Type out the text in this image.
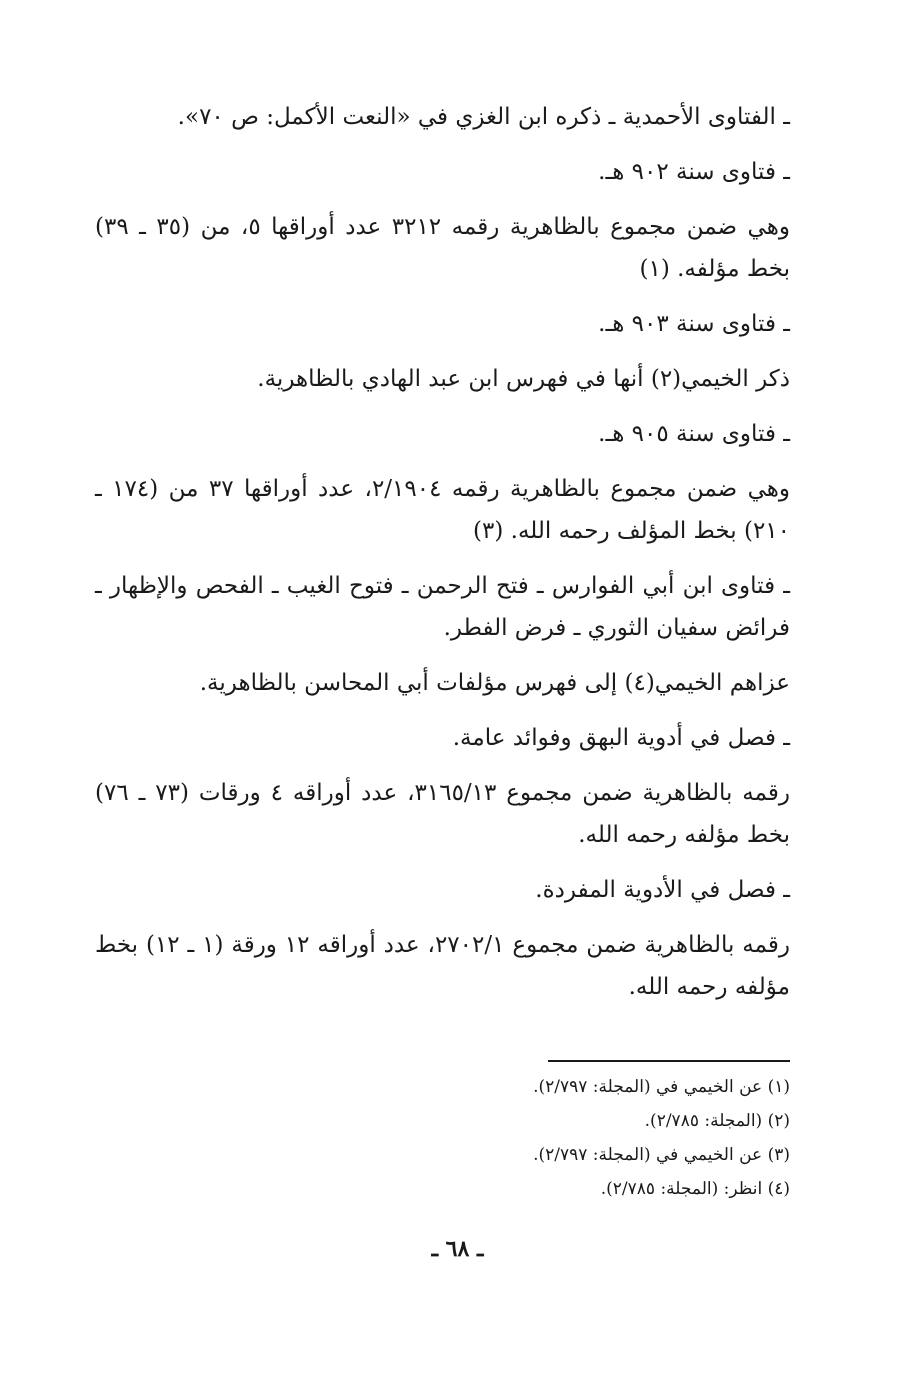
ـ الفتاوى الأحمدية ـ ذكره ابن الغزي في «النعت الأكمل: ص ٧٠».

ـ فتاوى سنة ٩٠٢ هـ.

وهي ضمن مجموع بالظاهرية رقمه ٣٢١٢ عدد أوراقها ٥، من (٣٥ ـ ٣٩) بخط مؤلفه. (١)

ـ فتاوى سنة ٩٠٣ هـ.

ذكر الخيمي(٢) أنها في فهرس ابن عبد الهادي بالظاهرية.

ـ فتاوى سنة ٩٠٥ هـ.

وهي ضمن مجموع بالظاهرية رقمه ٢/١٩٠٤، عدد أوراقها ٣٧ من (١٧٤ ـ ٢١٠) بخط المؤلف رحمه الله. (٣)

ـ فتاوى ابن أبي الفوارس ـ فتح الرحمن ـ فتوح الغيب ـ الفحص والإظهار ـ فرائض سفيان الثوري ـ فرض الفطر.

عزاهم الخيمي(٤) إلى فهرس مؤلفات أبي المحاسن بالظاهرية.

ـ فصل في أدوية البهق وفوائد عامة.

رقمه بالظاهرية ضمن مجموع ٣١٦٥/١٣، عدد أوراقه ٤ ورقات (٧٣ ـ ٧٦) بخط مؤلفه رحمه الله.

ـ فصل في الأدوية المفردة.

رقمه بالظاهرية ضمن مجموع ٢٧٠٢/١، عدد أوراقه ١٢ ورقة (١ ـ ١٢) بخط مؤلفه رحمه الله.

(١) عن الخيمي في (المجلة: ٢/٧٩٧).

(٢) (المجلة: ٢/٧٨٥).

(٣) عن الخيمي في (المجلة: ٢/٧٩٧).

(٤) انظر: (المجلة: ٢/٧٨٥).

ـ ٦٨ ـ
